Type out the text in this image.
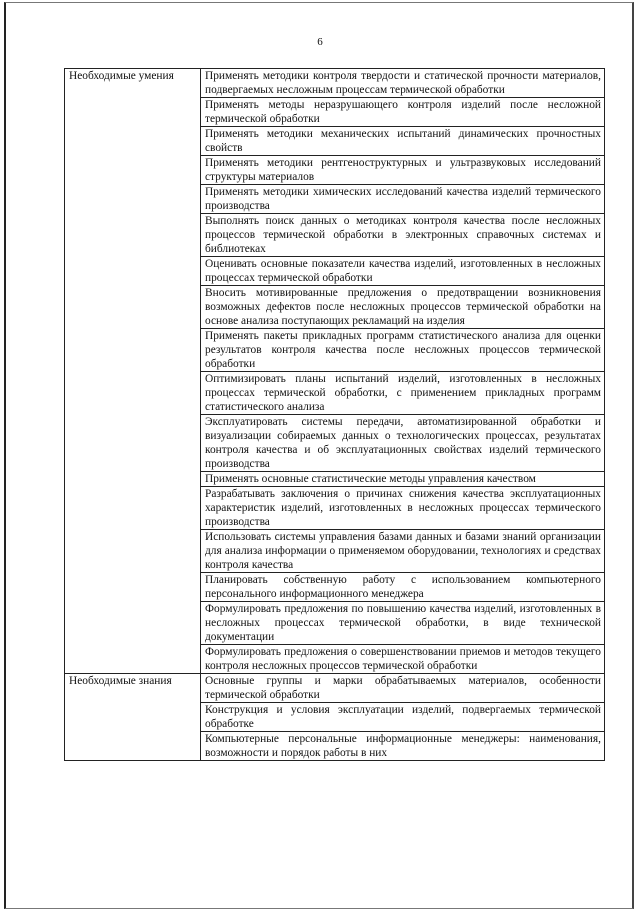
6
Необходимые умения	Применять методики контроля твердости и статической прочности материалов, подвергаемых несложным процессам термической обработки
	Применять методы неразрушающего контроля изделий после несложной термической обработки
	Применять методики механических испытаний динамических прочностных свойств
	Применять методики рентгеноструктурных и ультразвуковых исследований структуры материалов
	Применять методики химических исследований качества изделий термического производства
	Выполнять поиск данных о методиках контроля качества после несложных процессов термической обработки в электронных справочных системах и библиотеках
	Оценивать основные показатели качества изделий, изготовленных в несложных процессах термической обработки
	Вносить мотивированные предложения о предотвращении возникновения возможных дефектов после несложных процессов термической обработки на основе анализа поступающих рекламаций на изделия
	Применять пакеты прикладных программ статистического анализа для оценки результатов контроля качества после несложных процессов термической обработки
	Оптимизировать планы испытаний изделий, изготовленных в несложных процессах термической обработки, с применением прикладных программ статистического анализа
	Эксплуатировать системы передачи, автоматизированной обработки и визуализации собираемых данных о технологических процессах, результатах контроля качества и об эксплуатационных свойствах изделий термического производства
	Применять основные статистические методы управления качеством
	Разрабатывать заключения о причинах снижения качества эксплуатационных характеристик изделий, изготовленных в несложных процессах термического производства
	Использовать системы управления базами данных и базами знаний организации для анализа информации о применяемом оборудовании, технологиях и средствах контроля качества
	Планировать собственную работу с использованием компьютерного персонального информационного менеджера
	Формулировать предложения по повышению качества изделий, изготовленных в несложных процессах термической обработки, в виде технической документации
	Формулировать предложения о совершенствовании приемов и методов текущего контроля несложных процессов термической обработки
Необходимые знания	Основные группы и марки обрабатываемых материалов, особенности термической обработки
	Конструкция и условия эксплуатации изделий, подвергаемых термической обработке
	Компьютерные персональные информационные менеджеры: наименования, возможности и порядок работы в них
